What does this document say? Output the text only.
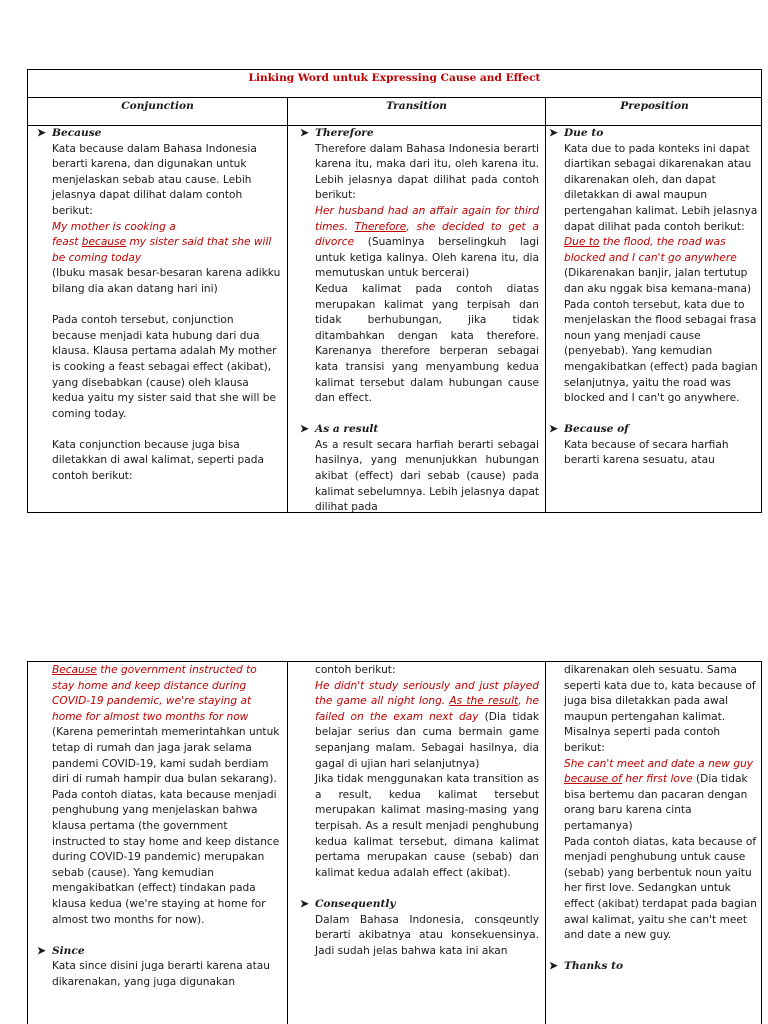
Linking Word untuk Expressing Cause and Effect
Conjunction	Transition	Preposition
➤ Because

Kata because dalam Bahasa Indonesia berarti karena, dan digunakan untuk menjelaskan sebab atau cause. Lebih jelasnya dapat dilihat dalam contoh berikut:

My mother is cooking a
feast because my sister said that she will be coming today

(Ibuku masak besar-besaran karena adikku bilang dia akan datang hari ini)

Pada contoh tersebut, conjunction because menjadi kata hubung dari dua klausa. Klausa pertama adalah My mother is cooking a feast sebagai effect (akibat), yang disebabkan (cause) oleh klausa kedua yaitu my sister said that she will be coming today.

Kata conjunction because juga bisa diletakkan di awal kalimat, seperti pada contoh berikut:

➤ Therefore

Therefore dalam Bahasa Indonesia berarti karena itu, maka dari itu, oleh karena itu. Lebih jelasnya dapat dilihat pada contoh berikut:

Her husband had an affair again for third times. Therefore, she decided to get a divorce (Suaminya berselingkuh lagi untuk ketiga kalinya. Oleh karena itu, dia memutuskan untuk bercerai)

Kedua kalimat pada contoh diatas merupakan kalimat yang terpisah dan tidak berhubungan, jika tidak ditambahkan dengan kata therefore. Karenanya therefore berperan sebagai kata transisi yang menyambung kedua kalimat tersebut dalam hubungan cause dan effect.

➤ As a result

As a result secara harfiah berarti sebagai hasilnya, yang menunjukkan hubungan akibat (effect) dari sebab (cause) pada kalimat sebelumnya. Lebih jelasnya dapat dilihat pada

➤ Due to

Kata due to pada konteks ini dapat diartikan sebagai dikarenakan atau dikarenakan oleh, dan dapat diletakkan di awal maupun pertengahan kalimat. Lebih jelasnya dapat dilihat pada contoh berikut:

Due to the flood, the road was blocked and I can't go anywhere (Dikarenakan banjir, jalan tertutup dan aku nggak bisa kemana-mana) Pada contoh tersebut, kata due to menjelaskan the flood sebagai frasa noun yang menjadi cause (penyebab). Yang kemudian mengakibatkan (effect) pada bagian selanjutnya, yaitu the road was blocked and I can't go anywhere.

➤ Because of

Kata because of secara harfiah berarti karena sesuatu, atau

Because the government instructed to stay home and keep distance during COVID-19 pandemic, we're staying at home for almost two months for now

(Karena pemerintah memerintahkan untuk tetap di rumah dan jaga jarak selama pandemi COVID-19, kami sudah berdiam diri di rumah hampir dua bulan sekarang).

Pada contoh diatas, kata because menjadi penghubung yang menjelaskan bahwa klausa pertama (the government instructed to stay home and keep distance during COVID-19 pandemic) merupakan sebab (cause). Yang kemudian mengakibatkan (effect) tindakan pada klausa kedua (we're staying at home for almost two months for now).

➤ Since

Kata since disini juga berarti karena atau dikarenakan, yang juga digunakan

contoh berikut:

He didn't study seriously and just played the game all night long. As the result, he failed on the exam next day (Dia tidak belajar serius dan cuma bermain game sepanjang malam. Sebagai hasilnya, dia gagal di ujian hari selanjutnya)

Jika tidak menggunakan kata transition as a result, kedua kalimat tersebut merupakan kalimat masing-masing yang terpisah. As a result menjadi penghubung kedua kalimat tersebut, dimana kalimat pertama merupakan cause (sebab) dan kalimat kedua adalah effect (akibat).

➤ Consequently

Dalam Bahasa Indonesia, consqeuntly berarti akibatnya atau konsekuensinya. Jadi sudah jelas bahwa kata ini akan

dikarenakan oleh sesuatu. Sama seperti kata due to, kata because of juga bisa diletakkan pada awal maupun pertengahan kalimat. Misalnya seperti pada contoh berikut:

She can't meet and date a new guy because of her first love (Dia tidak bisa bertemu dan pacaran dengan orang baru karena cinta pertamanya)

Pada contoh diatas, kata because of menjadi penghubung untuk cause (sebab) yang berbentuk noun yaitu her first love. Sedangkan untuk effect (akibat) terdapat pada bagian awal kalimat, yaitu she can't meet and date a new guy.

➤ Thanks to
